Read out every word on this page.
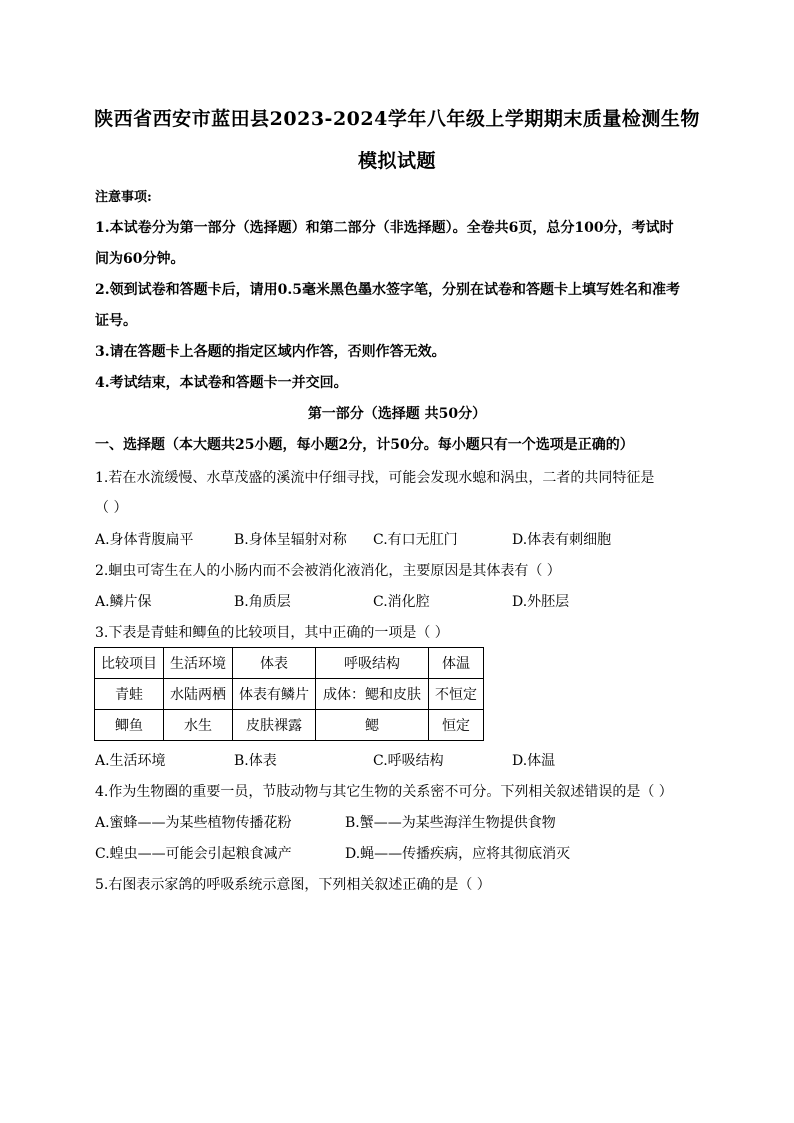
陕西省西安市蓝田县2023-2024学年八年级上学期期末质量检测生物
模拟试题
注意事项:
1.本试卷分为第一部分（选择题）和第二部分（非选择题）。全卷共6页，总分100分，考试时
间为60分钟。
2.领到试卷和答题卡后，请用0.5毫米黑色墨水签字笔，分别在试卷和答题卡上填写姓名和准考
证号。
3.请在答题卡上各题的指定区域内作答，否则作答无效。
4.考试结束，本试卷和答题卡一并交回。
第一部分（选择题 共50分）
一、选择题（本大题共25小题，每小题2分，计50分。每小题只有一个选项是正确的）
1.若在水流缓慢、水草茂盛的溪流中仔细寻找，可能会发现水螅和涡虫，二者的共同特征是
（ ）
A.身体背腹扁平	B.身体呈辐射对称 C.有口无肛门	D.体表有刺细胞
2.蛔虫可寄生在人的小肠内而不会被消化液消化，主要原因是其体表有（ ）
A.鳞片保	B.角质层	C.消化腔	D.外胚层
3.下表是青蛙和鲫鱼的比较项目，其中正确的一项是（ ）
比较项目	生活环境	体表	呼吸结构	体温
青蛙	水陆两栖	体表有鳞片	成体：鳃和皮肤	不恒定
鲫鱼	水生	皮肤裸露	鳃	恒定
A.生活环境	B.体表	C.呼吸结构	D.体温
4.作为生物圈的重要一员，节肢动物与其它生物的关系密不可分。下列相关叙述错误的是（ ）
A.蜜蜂——为某些植物传播花粉	B.蟹——为某些海洋生物提供食物
C.蝗虫——可能会引起粮食减产	D.蝇——传播疾病，应将其彻底消灭
5.右图表示家鸽的呼吸系统示意图，下列相关叙述正确的是（ ）
